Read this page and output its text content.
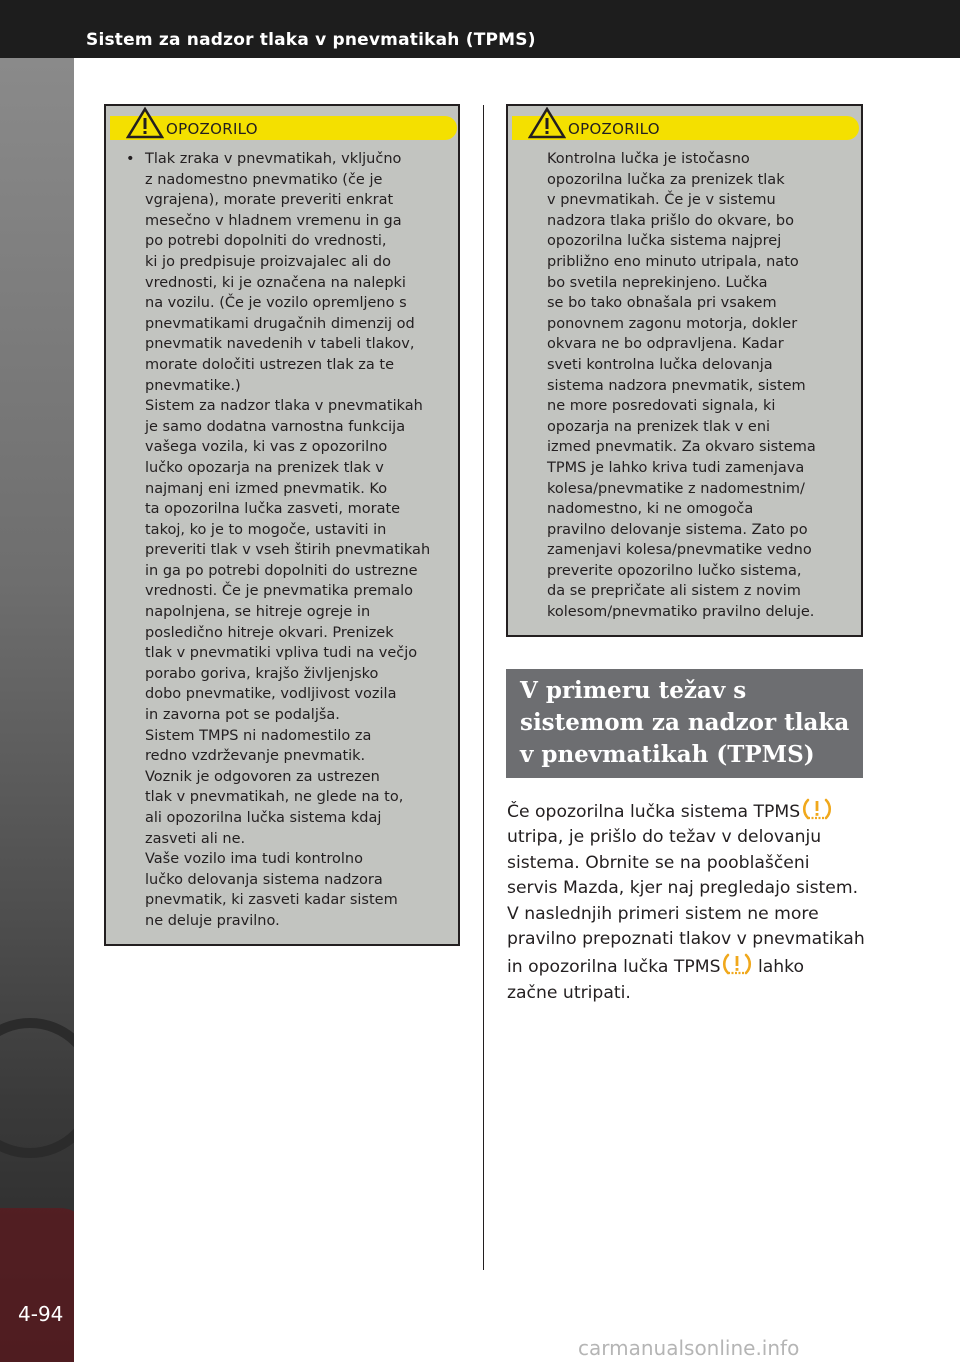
Sistem za nadzor tlaka v pnevmatikah (TPMS)
4-94
OPOZORILO
• Tlak zraka v pnevmatikah, vključno

z nadomestno pnevmatiko (če je

vgrajena), morate preveriti enkrat

mesečno v hladnem vremenu in ga

po potrebi dopolniti do vrednosti,

ki jo predpisuje proizvajalec ali do

vrednosti, ki je označena na nalepki

na vozilu. (Če je vozilo opremljeno s

pnevmatikami drugačnih dimenzij od

pnevmatik navedenih v tabeli tlakov,

morate določiti ustrezen tlak za te

pnevmatike.)

Sistem za nadzor tlaka v pnevmatikah

je samo dodatna varnostna funkcija

vašega vozila, ki vas z opozorilno

lučko opozarja na prenizek tlak v

najmanj eni izmed pnevmatik. Ko

ta opozorilna lučka zasveti, morate

takoj, ko je to mogoče, ustaviti in

preveriti tlak v vseh štirih pnevmatikah

in ga po potrebi dopolniti do ustrezne

vrednosti. Če je pnevmatika premalo

napolnjena, se hitreje ogreje in

posledično hitreje okvari. Prenizek

tlak v pnevmatiki vpliva tudi na večjo

porabo goriva, krajšo življenjsko

dobo pnevmatike, vodljivost vozila

in zavorna pot se podaljša.

Sistem TMPS ni nadomestilo za

redno vzdrževanje pnevmatik.

Voznik je odgovoren za ustrezen

tlak v pnevmatikah, ne glede na to,

ali opozorilna lučka sistema kdaj

zasveti ali ne.

Vaše vozilo ima tudi kontrolno

lučko delovanja sistema nadzora

pnevmatik, ki zasveti kadar sistem

ne deluje pravilno.

OPOZORILO

Kontrolna lučka je istočasno

opozorilna lučka za prenizek tlak

v pnevmatikah. Če je v sistemu

nadzora tlaka prišlo do okvare, bo

opozorilna lučka sistema najprej

približno eno minuto utripala, nato

bo svetila neprekinjeno. Lučka

se bo tako obnašala pri vsakem

ponovnem zagonu motorja, dokler

okvara ne bo odpravljena. Kadar

sveti kontrolna lučka delovanja

sistema nadzora pnevmatik, sistem

ne more posredovati signala, ki

opozarja na prenizek tlak v eni

izmed pnevmatik. Za okvaro sistema

TPMS je lahko kriva tudi zamenjava

kolesa/pnevmatike z nadomestnim/

nadomestno, ki ne omogoča

pravilno delovanje sistema. Zato po

zamenjavi kolesa/pnevmatike vedno

preverite opozorilno lučko sistema,

da se prepričate ali sistem z novim

kolesom/pnevmatiko pravilno deluje.

V primeru težav s
sistemom za nadzor tlaka
v pnevmatikah (TPMS)

Če opozorilna lučka sistema TPMS

utripa, je prišlo do težav v delovanju

sistema. Obrnite se na pooblaščeni

servis Mazda, kjer naj pregledajo sistem.

V naslednjih primeri sistem ne more

pravilno prepoznati tlakov v pnevmatikah

in opozorilna lučka TPMS lahko

začne utripati.

carmanualsonline.info
